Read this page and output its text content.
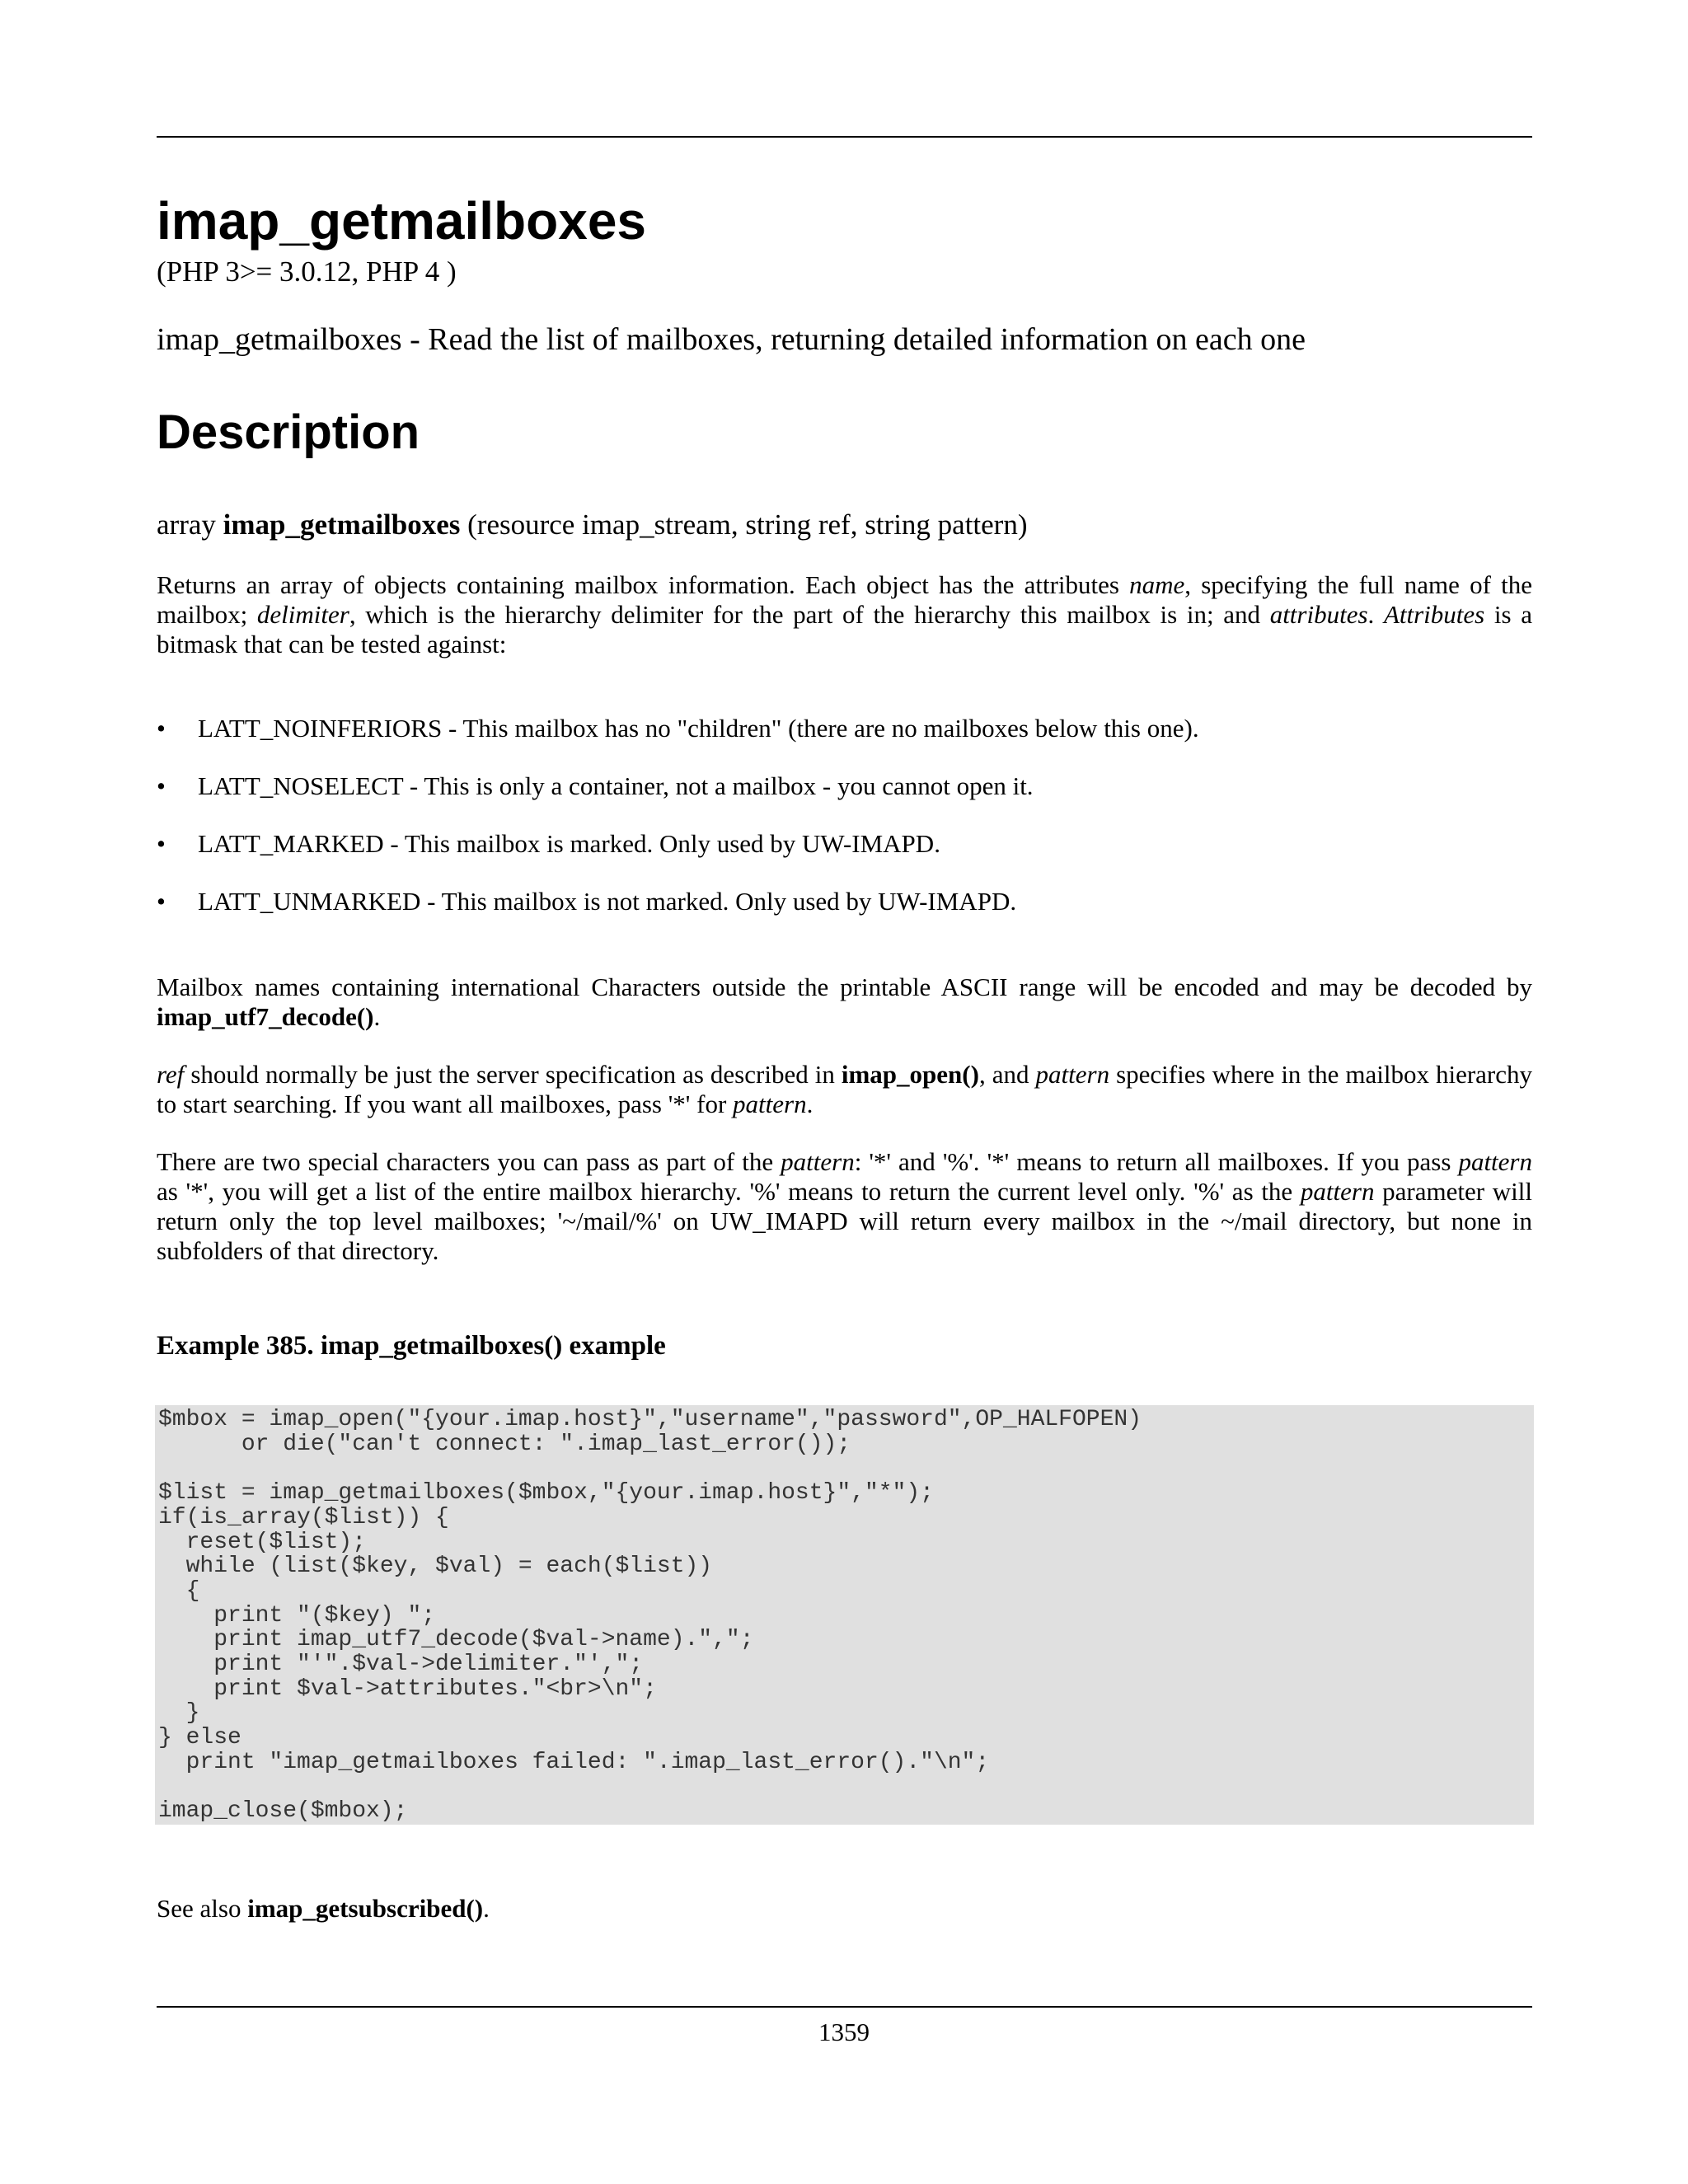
imap_getmailboxes
(PHP 3>= 3.0.12, PHP 4 )
imap_getmailboxes - Read the list of mailboxes, returning detailed information on each one
Description
array imap_getmailboxes (resource imap_stream, string ref, string pattern)

Returns an array of objects containing mailbox information. Each object has the attributes name, specifying the full name of the mailbox; delimiter, which is the hierarchy delimiter for the part of the hierarchy this mailbox is in; and attributes. Attributes is a bitmask that can be tested against:

• LATT_NOINFERIORS - This mailbox has no "children" (there are no mailboxes below this one).
• LATT_NOSELECT - This is only a container, not a mailbox - you cannot open it.
• LATT_MARKED - This mailbox is marked. Only used by UW-IMAPD.
• LATT_UNMARKED - This mailbox is not marked. Only used by UW-IMAPD.

Mailbox names containing international Characters outside the printable ASCII range will be encoded and may be decoded by imap_utf7_decode().

ref should normally be just the server specification as described in imap_open(), and pattern specifies where in the mailbox hierarchy to start searching. If you want all mailboxes, pass '*' for pattern.

There are two special characters you can pass as part of the pattern: '*' and '%'. '*' means to return all mailboxes. If you pass pattern as '*', you will get a list of the entire mailbox hierarchy. '%' means to return the current level only. '%' as the pattern parameter will return only the top level mailboxes; '~/mail/%' on UW_IMAPD will return every mailbox in the ~/mail directory, but none in subfolders of that directory.

Example 385. imap_getmailboxes() example
$mbox = imap_open("{your.imap.host}","username","password",OP_HALFOPEN)
or die("can't connect: ".imap_last_error());

$list = imap_getmailboxes($mbox,"{your.imap.host}","*");
if(is_array($list)) {
reset($list);
while (list($key, $val) = each($list))
{
print "($key) ";
print imap_utf7_decode($val->name).",";
print "'".$val->delimiter."',";
print $val->attributes."<br>\n";
}
} else
print "imap_getmailboxes failed: ".imap_last_error()."\n";

imap_close($mbox);

See also imap_getsubscribed().

1359
